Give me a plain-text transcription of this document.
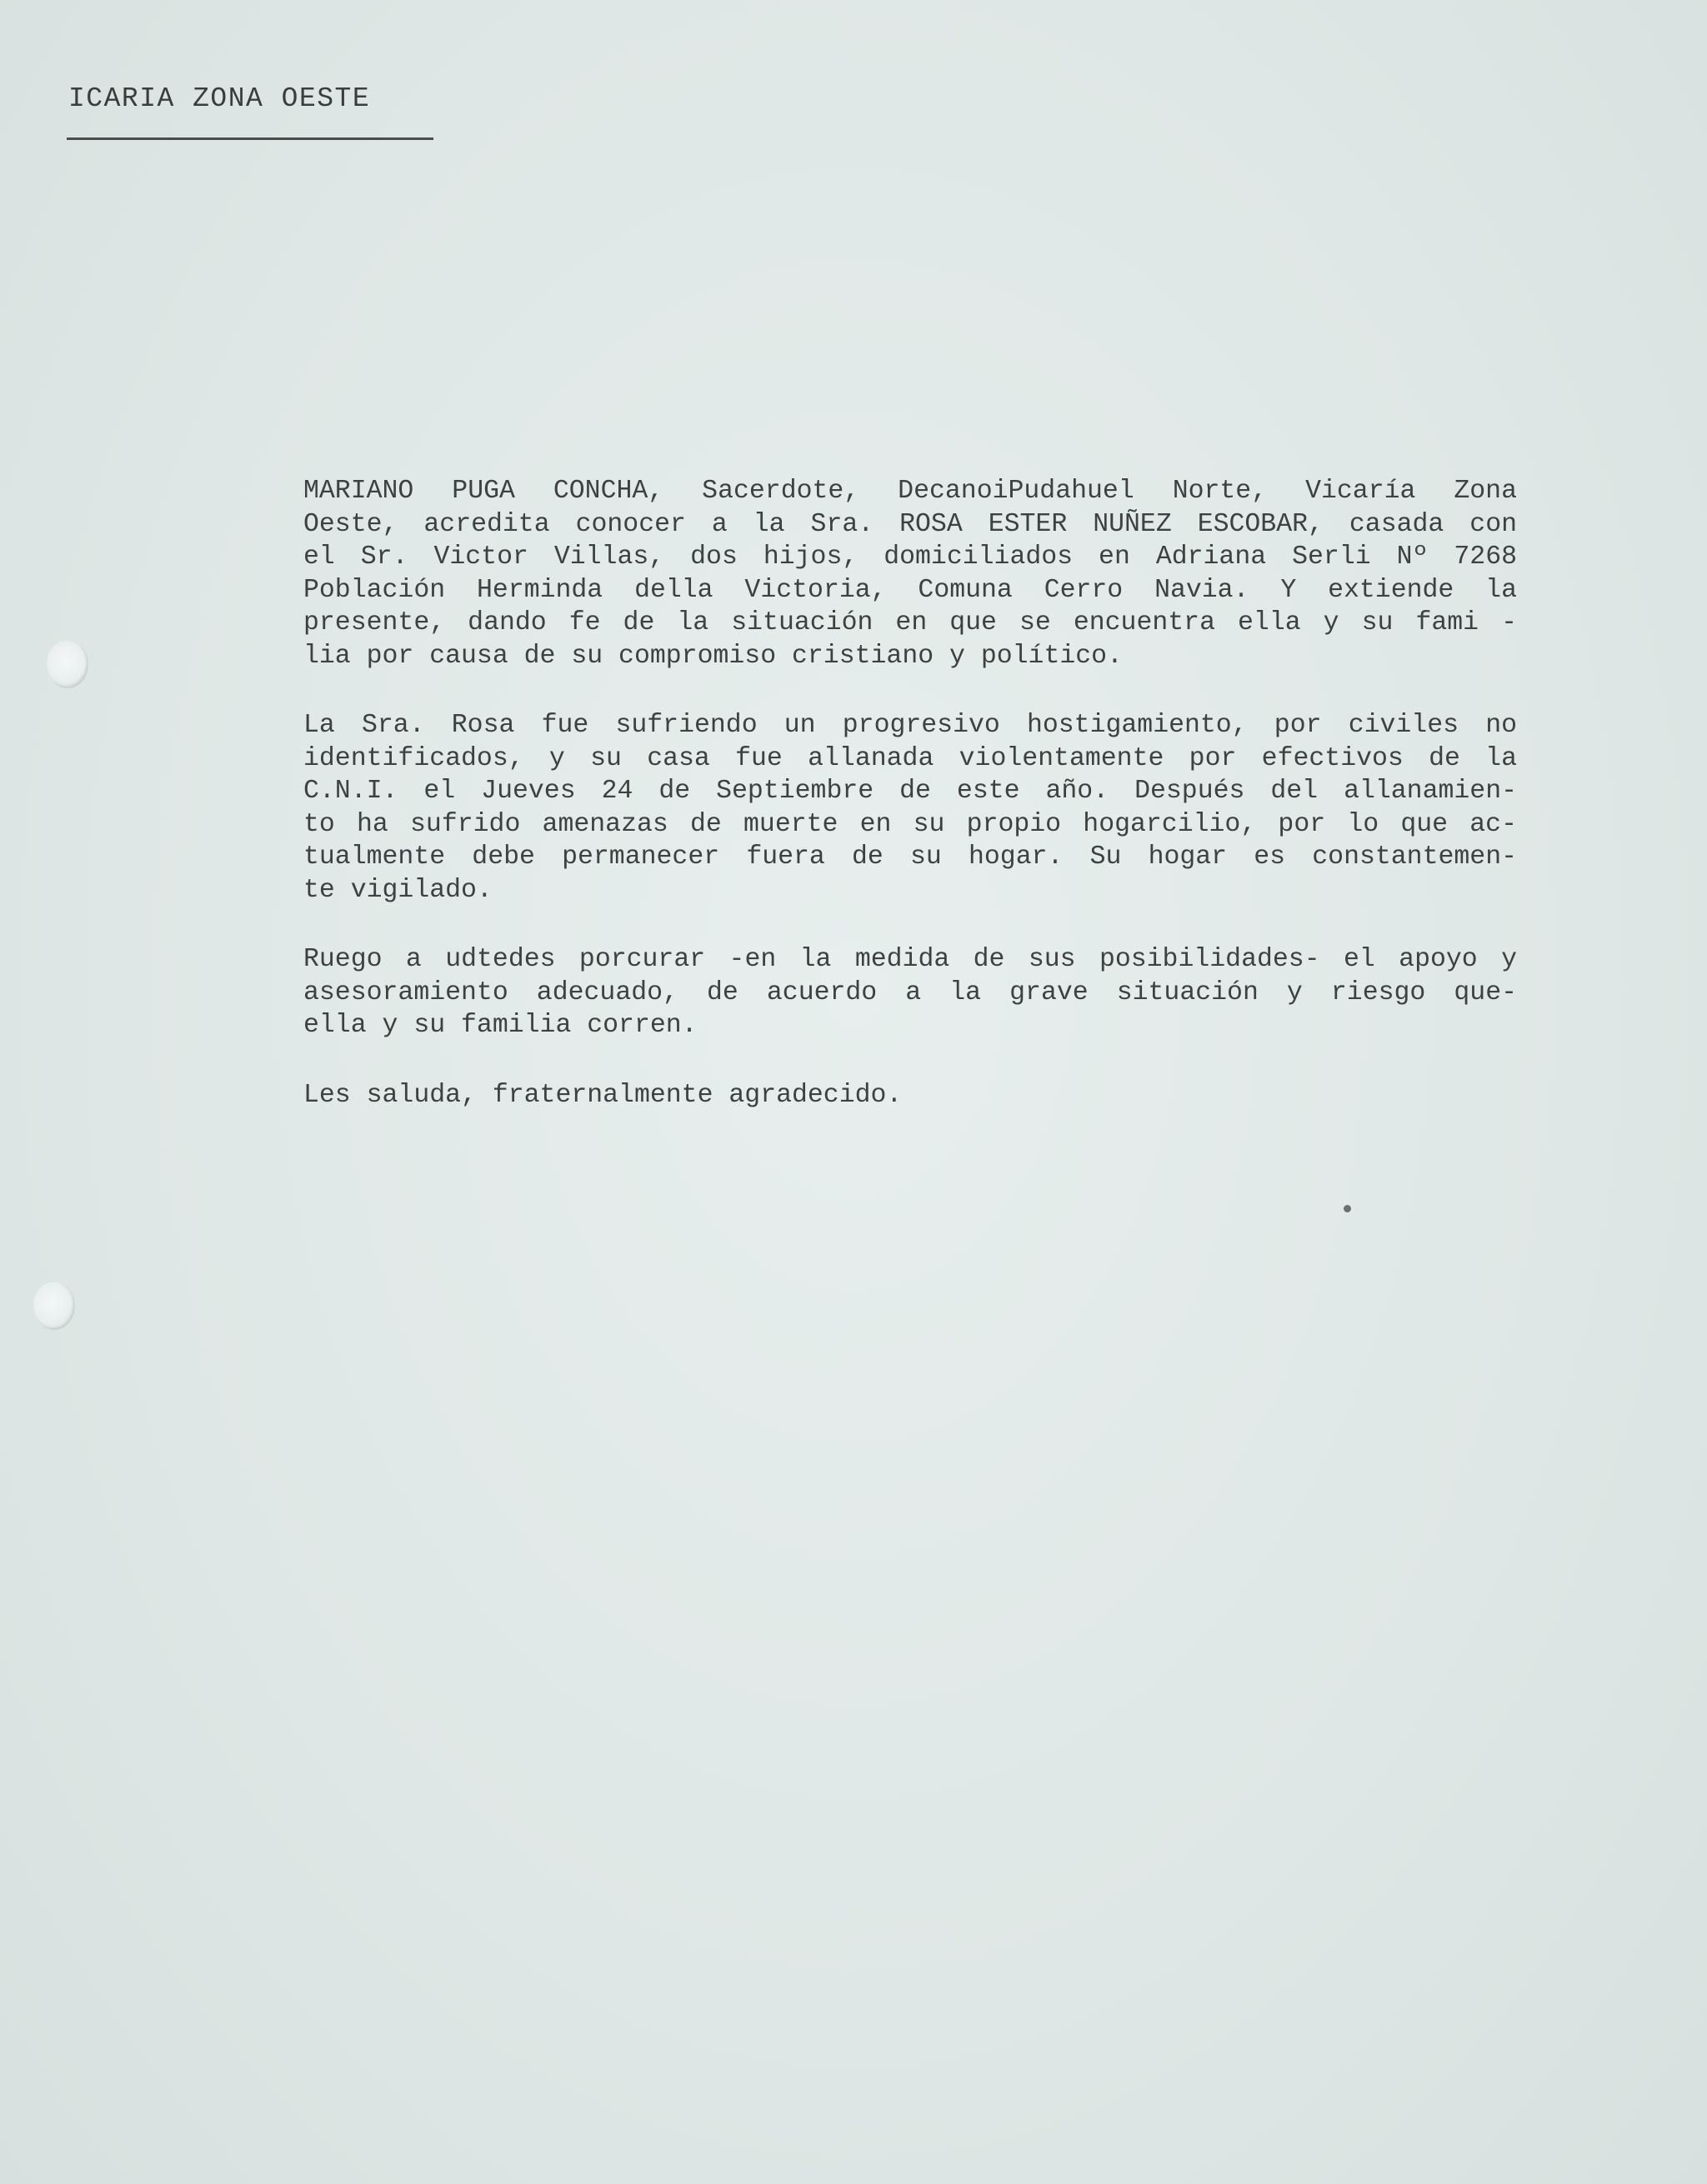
ICARIA ZONA OESTE
MARIANO PUGA CONCHA, Sacerdote, DecanoiPudahuel Norte, Vicaría Zona
Oeste, acredita conocer a la Sra. ROSA ESTER NUÑEZ ESCOBAR, casada con
el Sr. Victor Villas, dos hijos, domiciliados en Adriana Serli Nº 7268
Población Herminda della Victoria, Comuna Cerro Navia. Y extiende la
presente, dando fe de la situación en que se encuentra ella y su fami -
lia por causa de su compromiso cristiano y político.
La Sra. Rosa fue sufriendo un progresivo hostigamiento, por civiles no
identificados, y su casa fue allanada violentamente por efectivos de la
C.N.I. el Jueves 24 de Septiembre de este año. Después del allanamien-
to ha sufrido amenazas de muerte en su propio hogarcilio, por lo que ac-
tualmente debe permanecer fuera de su hogar. Su hogar es constantemen-
te vigilado.
Ruego a udtedes porcurar -en la medida de sus posibilidades- el apoyo y
asesoramiento adecuado, de acuerdo a la grave situación y riesgo que-
ella y su familia corren.

Les saluda, fraternalmente agradecido.
